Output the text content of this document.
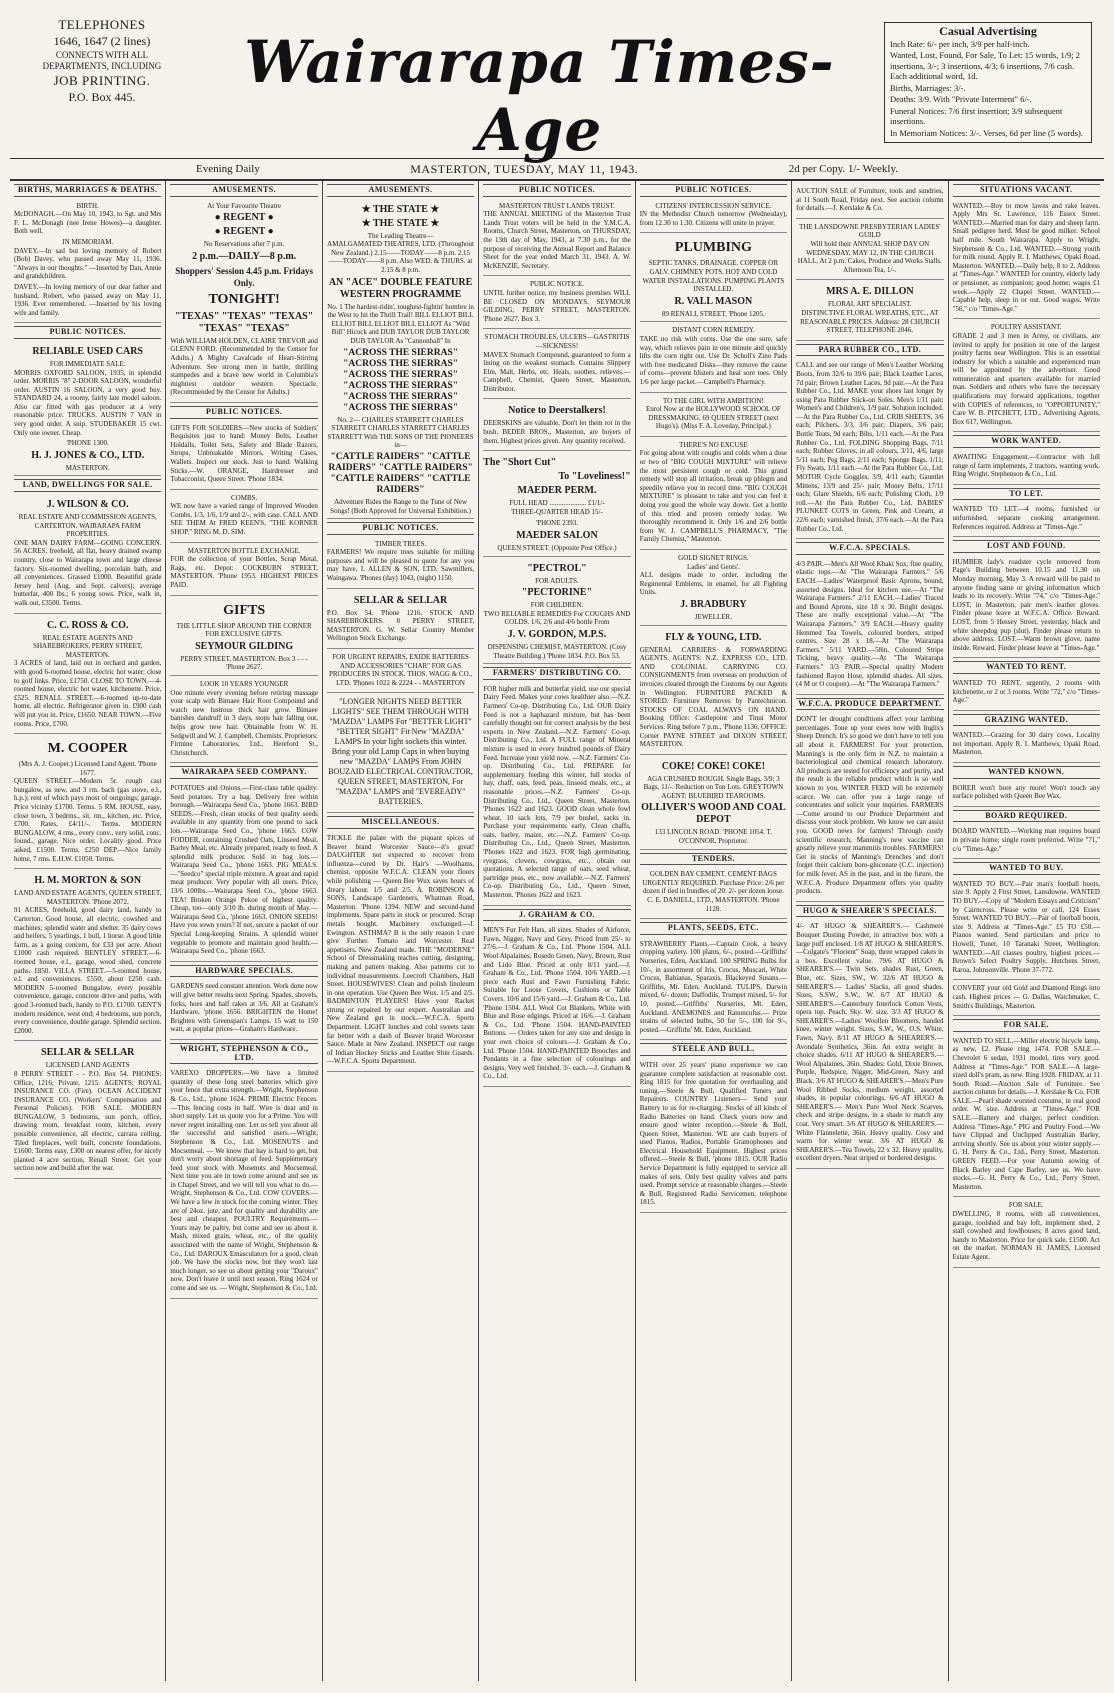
TELEPHONES
1646, 1647 (2 lines)
CONNECTS WITH ALL DEPARTMENTS, INCLUDING
JOB PRINTING.
P.O. Box 445.
Wairarapa Times-Age
Casual Advertising

Inch Rate: 6/- per inch, 3/9 per half-inch.

Wanted, Lost, Found, For Sale, To Let: 15 words, 1/9; 2 insertions, 3/-; 3 insertions, 4/3; 6 insertions, 7/6 cash. Each additional word, 1d.

Births, Marriages: 3/-.

Deaths: 3/9. With "Private Interment" 6/-.

Funeral Notices: 7/6 first insertion; 3/9 subsequent insertions.

In Memoriam Notices: 3/-. Verses, 6d per line (5 words).

Evening Daily	MASTERTON, TUESDAY, MAY 11, 1943.	2d per Copy. 1/- Weekly.
BIRTHS, MARRIAGES & DEATHS.
BIRTH.

McDONAGH.—On May 10, 1943, to Sgt. and Mrs F. L. McDonagh (nee Irene Howes)—a daughter. Both well.

IN MEMORIAM.

DAVEY.—In sad but loving memory of Robert (Bob) Davey, who passed away May 11, 1936. "Always in our thoughts." —Inserted by Dan, Annie and grandchildren.

DAVEY.—In loving memory of our dear father and husband, Robert, who passed away on May 11, 1936. Ever remembered. —Inserted by his loving wife and family.

PUBLIC NOTICES.
RELIABLE USED CARS
FOR IMMEDIATE SALE.

MORRIS OXFORD SALOON, 1935, in splendid order. MORRIS "8" 2-DOOR SALOON, wonderful order. AUSTIN 16 SALOON, a very good buy. STANDARD 24, a roomy, fairly late model saloon. Also car fitted with gas producer at a very reasonable price. TRUCKS. AUSTIN 7 VAN in very good order. A snip. STUDEBAKER 15 cwt. Only one owner. Cheap.

'PHONE 1300.
H. J. JONES & CO., LTD.
MASTERTON.
LAND, DWELLINGS FOR SALE.
J. WILSON & CO.
REAL ESTATE AND COMMISSION AGENTS, CARTERTON. WAIRARAPA FARM PROPERTIES.

ONE MAN DAIRY FARM—GOING CONCERN. 56 ACRES, freehold, all flat, heavy drained swamp country, close to Wairarapa town and large cheese factory. Six-roomed dwelling, porcelain bath, and all conveniences. Grassed £1000. Beautiful grade Jersey herd (Aug. and Sept. calvers); average butterfat, 400 lbs.; 6 young sows. Price, walk in, walk out, £3500. Terms.

C. C. ROSS & CO.
REAL ESTATE AGENTS AND SHAREBROKERS, PERRY STREET, MASTERTON.

3 ACRES of land, laid out in orchard and garden, with good 6-roomed house, electric hot water; close to golf links. Price, £1750. CLOSE TO TOWN.—4-roomed house, electric hot water, kitchenette. Price, £525. RENALL STREET.—6-roomed up-to-date home, all electric. Refrigerator given in. £900 cash will put you in. Price, £1650. NEAR TOWN.—Five rooms. Price, £700.

M. COOPER
(Mrs A. J. Cooper.) Licensed Land Agent. 'Phone 1677.

QUEEN STREET.—Modern 5r. rough cast bungalow, as new, and 3 rm. bach (gas stove, e.l., h.p.); rent of which pays most of outgoings; garage. Price vicinity £1700. Terms. 5 RM. HOUSE, easy, close town, 3 bedrms., sit. rm., kitchen, etc. Price, £700. Rates, £4/11/-. Terms. MODERN BUNGALOW, 4 rms., every conv., very solid, conc. found., garage. Nice order. Locality good. Price asked, £1500. Terms. £250 DEP.—Nice family home, 7 rms. E.H.W. £1050. Terms.

H. M. MORTON & SON
LAND AND ESTATE AGENTS, QUEEN STREET, MASTERTON. 'Phone 2072.

91 ACRES, freehold, good dairy land, handy to Carterton. Good house, all electric, cowshed and machines; splendid water and shelter. 35 dairy cows and heifers, 5 yearlings, 1 bull, 1 horse. A good little farm, as a going concern, for £33 per acre. About £1000 cash required. BENTLEY STREET.—6-roomed house, e.l., garage, wood shed, concrete paths. £850. VILLA STREET.—5-roomed house, e.l. and conveniences. £550; about £250 cash. MODERN 5-roomed Bungalow, every possible convenience, garage, concrete drive and paths, with good 3-roomed bach, handy to P.O. £1700. GENT'S modern residence, west end; 4 bedrooms, sun porch, every convenience, double garage. Splendid section. £2000.

SELLAR & SELLAR
LICENSED LAND AGENTS

8 PERRY STREET - - P.O. Box 54. PHONES: Office, 1216; Private, 1215. AGENTS: ROYAL INSURANCE CO. (Fire). OCEAN ACCIDENT INSURANCE CO. (Workers' Compensation and Personal Policies). FOR SALE. MODERN BUNGALOW, 3 bedrooms, sun porch, office, drawing room, breakfast room, kitchen, every possible convenience, all electric, carrara ceiling. Tiled fireplaces, well built, concrete foundations. £1600. Terms easy. £300 on nearest offer, for nicely planted 4 acre section, Renall Street. Get your section now and build after the war.

AMUSEMENTS.
At Your Favourite Theatre
● REGENT ●
● REGENT ●
No Reservations after 7 p.m.
2 p.m.—DAILY—8 p.m.
Shoppers' Session 4.45 p.m. Fridays Only.
TONIGHT!
"TEXAS" "TEXAS" "TEXAS" "TEXAS" "TEXAS"

With WILLIAM HOLDEN, CLAIRE TREVOR and GLENN FORD. (Recommended by the Censor for Adults.) A Mighty Cavalcade of Heart-Stirring Adventure. See strong men in battle, thrilling stampedes and a brave new world in Columbia's mightiest outdoor western Spectacle. (Recommended by the Censor for Adults.)

PUBLIC NOTICES.

GIFTS FOR SOLDIERS—New stocks of Soldiers' Requisites just to hand: Money Belts, Leather Holdalls, Toilet Sets, Safety and Blade Razors, Strops, Unbreakable Mirrors, Writing Cases, Wallets. Inspect our stock. Just to hand: Walking Sticks.—W. ORANGE, Hairdresser and Tobacconist, Queen Street. 'Phone 1834.

COMBS.

WE now have a varied range of Improved Wooden Combs, 1/3, 1/6, 1/9 and 2/-, with case. CALL AND SEE THEM At FRED KEEN'S, "THE KORNER SHOP." RING M. D. SIM.

MASTERTON BOTTLE EXCHANGE.

FOR the collection of your Bottles, Scrap Metal, Rags, etc. Depot: COCKBURN STREET, MASTERTON. 'Phone 1953. HIGHEST PRICES PAID.

GIFTS
THE LITTLE SHOP AROUND THE CORNER FOR EXCLUSIVE GIFTS.
SEYMOUR GILDING
PERRY STREET, MASTERTON. Box 3 - - - 'Phone 2627.
LOOK 10 YEARS YOUNGER

One minute every evening before retiring massage your scalp with Bimaee Hair Root Compound and watch new lustrous thick hair grow. Bimaee banishes dandruff in 3 days, stops hair falling out, helps grow new hair. Obtainable from W. H. Sedgwill and W. J. Campbell, Chemists. Proprietors: Firmine Laboratories, Ltd., Hereford St., Christchurch.

WAIRARAPA SEED COMPANY.

POTATOES and Onions.—First-class table quality. Seed potatoes. Try a bag. Delivery free within borough.—Wairarapa Seed Co., 'phone 1663. BIRD SEEDS.—Fresh, clean stocks of best quality seeds available in any quantity from one pound to sack lots.—Wairarapa Seed Co., 'phone 1663. COW FODDER, containing Crushed Oats, Linseed Meal, Barley Meal, etc. Already prepared, ready to feed. A splendid milk producer. Sold in bag lots.—Wairarapa Seed Co., 'phone 1663. PIG MEALS.—"Seedco" special triple mixture. A great and rapid meat producer. Very popular with all users. Price, 13/6 100lbs.—Wairarapa Seed Co., 'phone 1663. TEA! Broken Orange Pekoe of highest quality. Cheap, too—only 3/10 lb. during month of May.—Wairarapa Seed Co., 'phone 1663. ONION SEEDS! Have you sown yours? If not, secure a packet of our Special Long-keeping Strains. A splendid winter vegetable to promote and maintain good health.—Wairarapa Seed Co., 'phone 1663.

HARDWARE SPECIALS.

GARDENS need constant attention. Work done now will give better results next Spring. Spades, shovels, forks, hoes and half rakes at 3/6. All at Graham's Hardware, 'phone 1656. BRIGHTEN the Home! Brighten with Greenspan's Lamps. 15 watt to 150 watt, at popular prices—Graham's Hardware.

WRIGHT, STEPHENSON & CO., LTD.

VAREXO DROPPERS.—We have a limited quantity of these long steel batteries which give your fence that extra strength.—Wright, Stephenson & Co., Ltd., 'phone 1624. PRIME Electric Fences.—This fencing costs in half. Wire is dear and in short supply. Let us quote you for a Prime. You will never regret installing one. Let us tell you about all the successful and satisfied users.—Wright, Stephenson & Co., Ltd. MOSENUTS and Mocsemeal. — We know that hay is hard to get, but don't worry about shortage of feed. Supplementary feed your stock with Mosenuts and Mocsemeal. Next time you are in town come around and see us in Chapel Street, and we will tell you what to do.—Wright, Stephenson & Co., Ltd. COW COVERS.—We have a few in stock for the coming winter. They are of 24oz. jute, and for quality and durability are best and cheapest. POULTRY Requirements.—Yours may be paltry, but come and see us about it. Mash, mixed grain, wheat, etc., of the quality associated with the name of Wright, Stephenson & Co., Ltd. DAROUX Emasculators for a good, clean job. We have the stocks now, but they won't last much longer, so see us about getting your "Daroux" now. Don't leave it until next season. Ring 1624 or come and see us. — Wright, Stephenson & Co., Ltd.

AMUSEMENTS.
★ THE STATE ★
★ THE STATE ★
The Leading Theatre—
AMALGAMATED THEATRES, LTD. (Throughout New Zealand.) 2.15——TODAY——8 p.m. 2.15——TODAY——8 p.m. Also WED. & THURS. at 2.15 & 8 p.m.
AN "ACE" DOUBLE FEATURE WESTERN PROGRAMME
No. 1 The hardest-ridin', toughest-fightin' hombre in the West to hit the Thrill Trail! BILL ELLIOT BILL ELLIOT BILL ELLIOT BILL ELLIOT As "Wild Bill" Hicock and DUB TAYLOR DUB TAYLOR DUB TAYLOR As "Cannonball" In
"ACROSS THE SIERRAS" "ACROSS THE SIERRAS" "ACROSS THE SIERRAS" "ACROSS THE SIERRAS" "ACROSS THE SIERRAS" "ACROSS THE SIERRAS"
No. 2— CHARLES STARRETT CHARLES STARRETT CHARLES STARRETT CHARLES STARRETT With THE SONS OF THE PIONEERS in—
"CATTLE RAIDERS" "CATTLE RAIDERS" "CATTLE RAIDERS" "CATTLE RAIDERS" "CATTLE RAIDERS"
Adventure Rides the Range to the Tune of New Songs! (Both Approved for Universal Exhibition.)
PUBLIC NOTICES.
TIMBER TREES.

FARMERS! We require trees suitable for milling purposes and will be pleased to quote for any you may have. I. ALLEN & SON, LTD. Sawmillers, Waingawa. 'Phones (day) 1043, (night) 1150.

SELLAR & SELLAR

P.O. Box 54. 'Phone 1216. STOCK AND SHAREBROKERS. 8 PERRY STREET, MASTERTON. G. W. Sellar Country Member Wellington Stock Exchange.

FOR URGENT REPAIRS, EXIDE BATTERIES AND ACCESSORIES "CHAR" FOR GAS PRODUCERS IN STOCK. THOS. WAGG & CO., LTD. 'Phones 1022 & 2224 - - MASTERTON

"LONGER NIGHTS NEED BETTER LIGHTS" SEE THEM THROUGH WITH "MAZDA" LAMPS For "BETTER LIGHT" "BETTER SIGHT" Fit New "MAZDA" LAMPS In your light sockets this winter. Bring your old Lamp Caps in when buying new "MAZDA" LAMPS From JOHN BOUZAID ELECTRICAL CONTRACTOR, QUEEN STREET, MASTERTON, For "MAZDA" LAMPS and "EVEREADY" BATTERIES.

MISCELLANEOUS.

TICKLE the palate with the piquant spices of Beaver brand Worcester Sauce—it's great! DAUGHTER not expected to recover from influenza—cured by Dr. Hair's —Woolhams, chemist, opposite W.F.C.A. CLEAN your floors while polishing — Queen Bee Wux saves hours of dreary labour. 1/5 and 2/5. A. ROBINSON & SONS, Landscape Gardeners, Whatman Road, Masterton. 'Phone 1394. NEW and second-hand implements. Spare parts in stock or procured. Scrap metals bought. Machinery exchanged.—J. Ewington. ASTHMA? B is the only reason I cure give Further. Tomato and Worcester. Real appetisers. New Zealand made. THE "MODERNE" School of Dressmaking teaches cutting, designing, making and pattern making. Also patterns cut to individual measurements. Leecroft Chambers, Hall Street. HOUSEWIVES! Clean and polish linoleum in one operation. Use Queen Bee Wux. 1/5 and 2/5. BADMINTON PLAYERS! Have your Racket strung or repaired by our expert. Australian and New Zealand gut in stock.—W.F.C.A. Sports Department. LIGHT lunches and cold sweets taste far better with a dash of Beaver brand Worcester Sauce. Made in New Zealand. INSPECT our range of Indian Hockey Sticks and Leather Shin Guards.—W.F.C.A. Sports Department.

PUBLIC NOTICES.
MASTERTON TRUST LANDS TRUST.

THE ANNUAL MEETING of the Masterton Trust Lands Trust voters will be held in the Y.M.C.A. Rooms, Church Street, Masterton, on THURSDAY, the 13th day of May, 1943, at 7.30 p.m., for the purpose of receiving the Annual Report and Balance Sheet for the year ended March 31, 1943. A. W. McKENZIE, Secretary.

PUBLIC NOTICE.

UNTIL further notice, my business premises WILL BE CLOSED ON MONDAYS. SEYMOUR GILDING, PERRY STREET, MASTERTON. 'Phone 2627. Box 3.

STOMACH TROUBLES, ULCERS—GASTRITIS—SICKNESS!

MAVEX Stomach Compound, guaranteed to form a lining on the weakest stomach. Contains Slippery Elm, Malt, Herbs, etc. Heals, soothes, relieves.—Campbell, Chemist, Queen Street, Masterton, Distributor.

Notice to Deerstalkers!

DEERSKINS are valuable. Don't let them rot in the bush. BEDER BROS., Masterton, are buyers of them. Highest prices given. Any quantity received.

The "Short Cut"
To "Loveliness!"
MAEDER PERM.
FULL HEAD ..................... £1/1/-
THREE-QUARTER HEAD 15/-
'PHONE 2393.
MAEDER SALON
QUEEN STREET. (Opposite Post Office.)
"PECTROL"
FOR ADULTS.
"PECTORINE"
FOR CHILDREN.

TWO RELIABLE REMEDIES For COUGHS AND COLDS. 1/6, 2/6 and 4/6 bottle From

J. V. GORDON, M.P.S.
DISPENSING CHEMIST, MASTERTON. (Cosy Theatre Building.) 'Phone 1834. P.O. Box 53.
FARMERS' DISTRIBUTING CO.

FOR higher milk and butterfat yield, use our special Dairy Feed. Makes your cows healthier also.—N.Z. Farmers' Co-op. Distributing Co., Ltd. OUR Dairy Feed is not a haphazard mixture, but has been carefully thought out for correct analysis by the best experts in New Zealand.—N.Z. Farmers' Co-op. Distributing Co., Ltd. A FULL range of Mineral mixture is used in every hundred pounds of Dairy Feed. Increase your yield now. —N.Z. Farmers' Co-op. Distributing Co., Ltd. PREPARE for supplementary feeding this winter, full stocks of hay, chaff, oats, feed, peas, linseed meals, etc., at reasonable prices.—N.Z. Farmers' Co-op. Distributing Co., Ltd., Queen Street, Masterton. 'Phones 1622 and 1623. GOOD clean whole fowl wheat, 10 sack lots, 7/9 per bushel, sacks in. Purchase your requirements early. Clean chaffs, oats, barley, maize, etc.—N.Z. Farmers' Co-op. Distributing Co., Ltd., Queen Street, Masterton. 'Phones 1622 and 1623. FOR high germinating, ryegrass, clovers, cowgrass, etc., obtain our quotations. A selected range of oats, seed wheat, partridge peas, etc., now available.—N.Z. Farmers' Co-op. Distributing Co., Ltd., Queen Street, Masterton. 'Phones 1622 and 1623.

J. GRAHAM & CO.

MEN'S Fur Felt Hats, all sizes. Shades of Airforce, Fawn, Nigger, Navy and Grey. Priced from 25/- to 27/6.—J. Graham & Co., Ltd. 'Phone 1504. ALL Wool Alpalaines, Rosedo Green, Navy, Brown, Rust and Lido Blue. Priced at only 8/11 yard.—J. Graham & Co., Ltd. 'Phone 1504. 10/6 YARD.—1 piece each Rust and Fawn Furnishing Fabric. Suitable for Loose Covers, Cushions or Table Covers. 10/6 and 15/6 yard.—J. Graham & Co., Ltd. 'Phone 1504. ALL Wool Cot Blankets, White with Blue and Rose edgings. Priced at 16/6.—J. Graham & Co., Ltd. 'Phone 1504. HAND-PAINTED Buttons. — Orders taken for any size and design in your own choice of colours.—J. Graham & Co., Ltd. 'Phone 1504. HAND-PAINTED Brooches and Pendants in a fine selection of colourings and designs. Very well finished. 3/- each.—J. Graham & Co., Ltd.

PUBLIC NOTICES.
CITIZENS' INTERCESSION SERVICE.

IN the Methodist Church tomorrow (Wednesday), from 12.30 to 1.30. Citizens will unite in prayer.

PLUMBING

SEPTIC TANKS, DRAINAGE. COPPER OR GALV. CHIMNEY POTS. HOT AND COLD WATER INSTALLATIONS. PUMPING PLANTS INSTALLED.

R. VALL MASON
89 RENALL STREET. 'Phone 1205.
DISTANT CORN REMEDY.

TAKE no risk with corns. Use the one sure, safe way, which relieves pain in one minute and quickly lifts the corn right out. Use Dr. Scholl's Zino Pads with free medicated Disks—they remove the cause of corns—prevent blisters and heal sore toes. Only 1/6 per large packet.—Campbell's Pharmacy.

TO THE GIRL WITH AMBITION!

Enrol Now at the HOLLYWOOD SCHOOL OF DRESSMAKING. 69 QUEEN STREET (next Hugo's). (Miss F. A. Loveday, Principal.)

THERE'S NO EXCUSE

For going about with coughs and colds when a dose or two of "BIG COUGH MIXTURE" will relieve the most persistent cough or cold. This grand remedy will stop all irritation, break up phlegm and speedily relieve you in record time. "BIG COUGH MIXTURE" is pleasant to take and you can feel it doing you good the whole way down. Get a bottle of this tried and proven remedy today. We thoroughly recommend it. Only 1/6 and 2/6 bottle from W. J. CAMPBELL'S PHARMACY, "The Family Chemist," Masterton.

GOLD SIGNET RINGS.
Ladies' and Gents'.

ALL designs made to order, including the Regimental Emblems, in enamel, for all Fighting Units.

J. BRADBURY
JEWELLER.
FLY & YOUNG, LTD.

GENERAL CARRIERS & FORWARDING AGENTS. AGENTS: N.Z. EXPRESS CO., LTD. AND COLONIAL CARRYING CO. CONSIGNMENTS from overseas on production of invoices cleared through the Customs by our Agents in Wellington. FURNITURE PACKED & STORED. Furniture Removes by Pantechnicon. STOCKS OF COAL ALWAYS ON HAND. Booking Office: Castlepoint and Tinui Motor Services. Ring before 7 p.m., 'Phone 1136. OFFICE: Corner PAYNE STREET and DIXON STREET, MASTERTON.

COKE! COKE! COKE!

AGA CRUSHED ROUGH. Single Bags, 3/9; 3 Bags, 11/-. Reduction on Ton Lots. GREYTOWN AGENT: BLUEBIRD TEAROOMS.

OLLIVER'S WOOD AND COAL DEPOT
133 LINCOLN ROAD. 'PHONE 1054. T. O'CONNOR, Proprietor.
TENDERS.

GOLDEN BAY CEMENT. CEMENT BAGS URGENTLY REQUIRED. Purchase Price: 2/6 per dozen if tied in bundles of 20. 2/- per dozen loose. C. E. DANIELL, LTD., MASTERTON. 'Phone 1128.

PLANTS, SEEDS, ETC.

STRAWBERRY Plants.—Captain Cook, a heavy cropping variety. 100 plants, 6/-, posted.—Griffiths' Nurseries, Eden, Auckland. 100 SPRING Bulbs for 10/-, in assortment of Iris, Crocus, Muscari, White Crocus, Babianas, Sparaxis, Blackeyed Susans.—Griffiths, Mt. Eden, Auckland. TULIPS, Darwin mixed, 6/- dozen; Daffodils, Trumpet mixed, 5/- for 10, posted.—Griffiths' Nurseries, Mt. Eden, Auckland. ANEMONES and Ranunculus.— Prize strains of selected bulbs, 50 for 5/-, 100 for 9/-, posted.—Griffiths' Mt. Eden, Auckland.

STEELE AND BULL.

WITH over 25 years' piano experience we can guarantee complete satisfaction at reasonable cost. Ring 1815 for free quotation for overhauling and tuning.—Steele & Bull, Qualified Tuners and Repairers. COUNTRY Listeners— Send your Battery to us for re-charging. Stocks of all kinds of Radio Batteries on hand. Check yours now and ensure good winter reception.—Steele & Bull, Queen Street, Masterton. WE are cash buyers of used Pianos, Radios, Portable Gramophones and Electrical Household Equipment. Highest prices offered.—Steele & Bull, 'phone 1815. OUR Radio Service Department is fully equipped to service all makes of sets. Only best quality valves and parts used. Prompt service at reasonable charges.—Steele & Bull, Registered Radio Servicemen, telephone 1815.

AUCTION SALE of Furniture, tools and sundries, at 11 South Road, Friday next. See auction column for details.—J. Kerslake & Co.

THE LANSDOWNE PRESBYTERIAN LADIES' GUILD

Will hold their ANNUAL SHOP DAY ON WEDNESDAY, MAY 12, IN THE CHURCH HALL, At 2 p.m. Cakes, Produce and Works Stalls. Afternoon Tea, 1/-.

MRS A. E. DILLON
FLORAL ART SPECIALIST.

DISTINCTIVE FLORAL WREATHS, ETC., AT REASONABLE PRICES. Address: 28 CHURCH STREET. TELEPHONE 2046.

PARA RUBBER CO., LTD.

CALL and see our range of Men's Leather Working Boots, from 32/6 to 39/6 pair; Black Leather Laces, 7d pair; Brown Leather Laces, 9d pair.—At the Para Rubber Co., Ltd. MAKE your shoes last longer by using Para Rubber Stick-on Soles. Men's 1/11 pair; Women's and Children's, 1/9 pair. Solution included.—At the Para Rubber Co., Ltd. CRIB SHEETS, 3/6 each; Pilchers, 3/3, 3/6 pair; Diapers, 3/6 pair; Bottle Teats, 9d each; Bibs, 1/11 each.—At the Para Rubber Co., Ltd. FOLDING Shopping Bags, 7/11 each; Rubber Gloves, in all colours, 3/11, 4/6, large 5/11 each; Peg Bags, 2/11 each; Sponge Bags, 1/11; Fly Swats, 1/11 each.—At the Para Rubber Co., Ltd. MOTOR Cycle Goggles, 3/9, 4/11 each; Gauntlet Mittens, 13/9 and 25/- pair; Money Belts, 17/11 each; Glare Shields, 6/6 each; Polishing Cloth, 1/9 roll.—At the Para Rubber Co., Ltd. BABIES' PLUNKET COTS in Green, Pink and Cream, at 22/6 each; varnished finish, 37/6 each.—At the Para Rubber Co., Ltd.

W.F.C.A. SPECIALS.

4/3 PAIR.—Men's All Wool Khaki Sox, fine quality, elastic tops.—At "The Wairarapa Farmers." 5/6 EACH.—Ladies' Waterproof Basic Aprons, bound, assorted designs. Ideal for kitchen use.—At "The Wairarapa Farmers." 2/11 EACH.—Ladies' Traced and Bound Aprons, size 18 x 30. Bright designs. These are really exceptional value.—At "The Wairarapa Farmers." 3/9 EACH.—Heavy quality Hemmed Tea Towels, coloured borders, striped centres. Size 28 x 18.—At "The Wairarapa Farmers." 5/11 YARD.—58in. Coloured Stripe Ticking, heavy quality.—At "The Wairarapa Farmers." 3/3 PAIR.—Special quality Modern fashioned Rayon Hose, splendid shades. All sizes. (4 M or O coupon).—At "The Wairarapa Farmers."

W.F.C.A. PRODUCE DEPARTMENT.

DON'T let drought conditions affect your lambing percentages. Tone up your ewes now with Inglis's Sheep Drench. It's so good we don't have to tell you all about it. FARMERS! For your protection, Manning's is the only firm in N.Z. to maintain a bacteriological and chemical research laboratory. All products are tested for efficiency and purity, and the result is the reliable product which is so well known to you. WINTER FEED will be extremely scarce. We can offer you a large range of concentrates and solicit your inquiries. FARMERS—Come around to our Produce Department and discuss your stock problem. We know we can assist you. GOOD news for farmers! Through costly scientific research, Manning's new vaccine can greatly relieve your mammitis troubles. FARMERS! Get in stocks of Manning's Drenches and don't forget their calcium boro-gluconate (C.C. injection) for milk fever. AS in the past, and in the future, the W.F.C.A. Produce Department offers you quality products.

HUGO & SHEARER'S SPECIALS.

4/- AT HUGO & SHEARER'S.— Cashmere Bouquet Dusting Powder, in attractive box with a large puff enclosed. 1/8 AT HUGO & SHEARER'S.—Colgate's "Florient" Soap, three wrapped cakes in a box. Excellent value. 79/6 AT HUGO & SHEARER'S.— Twin Sets, shades Rust, Green, Blue, etc. Sizes, SW., W. 32/6 AT HUGO & SHEARER'S.— Ladies' Slacks, all good shades. Sizes, S.SW., S.W., W. 6/7 AT HUGO & SHEARER'S.—Canterbury Interlock Cotton Vests, opera top. Peach, Sky. W. size. 3/3 AT HUGO & SHEARER'S.—Ladies' Woollen Bloomers, banded knee, winter weight. Sizes, S.W., W., O.S. White, Fawn, Navy. 8/11 AT HUGO & SHEARER'S.—Avondale Synthetics, 36in. An extra weight in choice shades. 6/11 AT HUGO & SHEARER'S.— Wool Alpalaines, 36in. Shades: Gold, Dixie Brown, Purple, Redspice, Nigger, Mid-Green, Navy and Black. 3/6 AT HUGO & SHEARER'S.—Men's Pure Wool Ribbed Socks, medium weight, assorted shades, in popular colourings. 6/6 AT HUGO & SHEARER'S.— Men's Pure Wool Neck Scarves, check and stripe designs, in a shade to match any coat. Very smart. 3/6 AT HUGO & SHEARER'S.— White Flannelette, 36in. Heavy quality. Cosy and warm for winter wear. 3/6 AT HUGO & SHEARER'S.—Tea Towels, 22 x 32. Heavy quality, excellent dryers. Neat striped or bordered designs.

SITUATIONS VACANT.

WANTED.—Boy to mow lawns and rake leaves. Apply Mrs St. Lawrence, 116 Essex Street. WANTED.—Married man for dairy and sheep farm. Small pedigree herd. Must be good milker. School half mile. South Wairarapa. Apply to Wright, Stephenson & Co., Ltd. WANTED.—Strong youth for milk round. Apply R. I. Matthews, Opaki Road, Masterton. WANTED.—Daily help, 8 to 2. Address at "Times-Age." WANTED for country, elderly lady or pensioner, as companion; good home; wages £1 week.—Apply 22 Chapel Street. WANTED.—Capable help, sleep in or out. Good wages. Write "56," c/o "Times-Age."

POULTRY ASSISTANT.

GRADE 2 and 3 men in Army, or civilians, are invited to apply for position in one of the largest poultry farms near Wellington. This is an essential industry for which a suitable and experienced man will be appointed by the advertiser. Good remuneration and quarters available for married man. Soldiers and others who have the necessary qualifications may forward applications, together with COPIES of references, to "OPPORTUNITY," Care W. B. PITCHETT, LTD., Advertising Agents, Box 617, Wellington.

WORK WANTED.

AWAITING Engagement.—Contractor with full range of farm implements, 2 tractors, wanting work. Ring Wright, Stephenson & Co., Ltd.

TO LET.

WANTED TO LET.—4 rooms, furnished or unfurnished, separate cooking arrangement. References required. Address at "Times-Age."

LOST AND FOUND.

HUMBER lady's roadster cycle removed from Page's Building between 10.15 and 11.30 on Monday morning, May 3. A reward will be paid to anyone finding same or giving information which leads to its recovery. Write "74," c/o "Times-Age." LOST, in Masterton, pair men's leather gloves. Finder please leave at W.F.C.A. Office. Reward. LOST, from 5 Hessey Street, yesterday, black and white sheepdog pup (slut). Finder please return to above address. LOST.—Warm brown glove, name inside. Reward. Finder please leave at "Times-Age."

WANTED TO RENT.

WANTED TO RENT, urgently, 2 rooms with kitchenette, or 2 or 3 rooms. Write "72," c/o "Times-Age."

GRAZING WANTED.

WANTED.—Grazing for 30 dairy cows, Locality not important. Apply R. I. Matthews, Opaki Road, Masterton.

WANTED KNOWN.

BORER won't bore any more! Won't touch any surface polished with Queen Bee Wax.

BOARD REQUIRED.

BOARD WANTED.—Working man requires board in private home; single room preferred. Write "71," c/o "Times-Age."

WANTED TO BUY.

WANTED TO BUY.—Pair man's football boots, size 9. Apply 2 First Street, Lansdowne. WANTED TO BUY.—Copy of "Modern Essays and Criticism" by Cairncross. Please write or call, 124 Essex Street. WANTED TO BUY.—Pair of football boots, size 9. Address at "Times-Age." £5 TO £50.—Pianos wanted. Send particulars and price to Howell, Tuner, 10 Taranaki Street, Wellington. WANTED.—All classes poultry, highest prices.—Brown's Select Poultry Supply, Hutchens Street, Raroa, Johnsonville. 'Phone 37-772.

CONVERT your old Gold and Diamond Rings into cash. Highest prices — G. Dallas, Watchmaker, C. Smith's Buildings, Masterton.

FOR SALE.

WANTED TO SELL.—Miller electric bicycle lamp, as new, £2. Please ring 1474. FOR SALE.—Chevrolet 6 sedan, 1931 model, tires very good. Address at "Times-Age." FOR SALE.—A large-sized doll's pram, as new. Ring 1928. FRIDAY, at 11 South Road.—Auction Sale of Furniture. See auction column for details.—J. Kerslake & Co. FOR SALE.—Pearl shade worsted costume, in real good order. W. size. Address at "Times-Age." FOR SALE.—Battery and charger, perfect condition. Address "Times-Age." PIG and Poultry Food.—We have Clippad and Unclipped Australian Barley, arriving shortly. See us about your winter supply.—G. H. Perry & Co., Ltd., Perry Street, Masterton. GREEN FEED.—For your Autumn sowing of Black Barley and Cape Barley, see us. We have stocks.—G. H. Perry & Co., Ltd., Perry Street, Masterton.

FOR SALE.

DWELLING, 8 rooms, with all conveniences, garage, toolshed and bay loft, implement shed, 2 stall cowshed and fowlhouses; 8 acres good land, handy to Masterton. Price for quick sale, £1500. Act on the market. NORMAN H. JAMES, Licensed Estate Agent.
